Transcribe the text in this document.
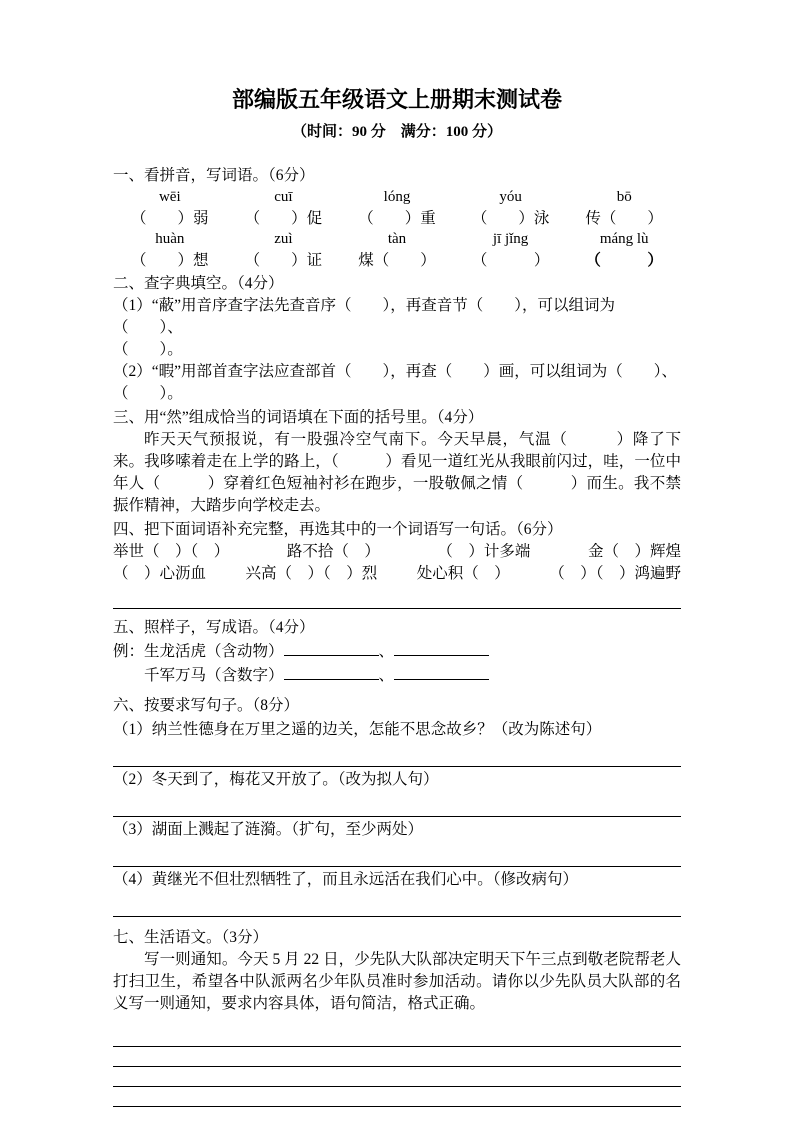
部编版五年级语文上册期末测试卷
（时间：90 分　满分：100 分）
一、看拼音，写词语。（6分）
wēi	cuī	lóng	yóu	bō
（　　）弱	（　　）促	（　　）重	（　　）泳	传（　　）
huàn	zuì	tàn	jī jǐng	máng lù
（　　）想	（　　）证	煤（　　）	（　　　）	（　　　）
二、查字典填空。（4分）
（1）“蔽”用音序查字法先查音序（　　），再查音节（　　），可以组词为（　　）、
（　　）。
（2）“暇”用部首查字法应查部首（　　），再查（　　）画，可以组词为（　　）、
（　　）。
三、用“然”组成恰当的词语填在下面的括号里。（4分）
昨天天气预报说，有一股强冷空气南下。今天早晨，气温（　　　）降了下来。我哆嗦着走在上学的路上，（　　　）看见一道红光从我眼前闪过，哇，一位中年人（　　　）穿着红色短袖衬衫在跑步，一股敬佩之情（　　　）而生。我不禁振作精神，大踏步向学校走去。
四、把下面词语补充完整，再选其中的一个词语写一句话。（6分）
举世（　）（　）	路不拾（　）	（　）计多端	金（　）辉煌
（　）心沥血	兴高（　）（　）烈	处心积（　）	（　）（　）鸿遍野
五、照样子，写成语。（4分）
例：生龙活虎（含动物）	、
千军万马（含数字）	、
六、按要求写句子。（8分）
（1）纳兰性德身在万里之遥的边关，怎能不思念故乡？（改为陈述句）
（2）冬天到了，梅花又开放了。（改为拟人句）
（3）湖面上溅起了涟漪。（扩句，至少两处）
（4）黄继光不但壮烈牺牲了，而且永远活在我们心中。（修改病句）
七、生活语文。（3分）
写一则通知。今天 5 月 22 日，少先队大队部决定明天下午三点到敬老院帮老人打扫卫生，希望各中队派两名少年队员准时参加活动。请你以少先队员大队部的名义写一则通知，要求内容具体，语句简洁，格式正确。
